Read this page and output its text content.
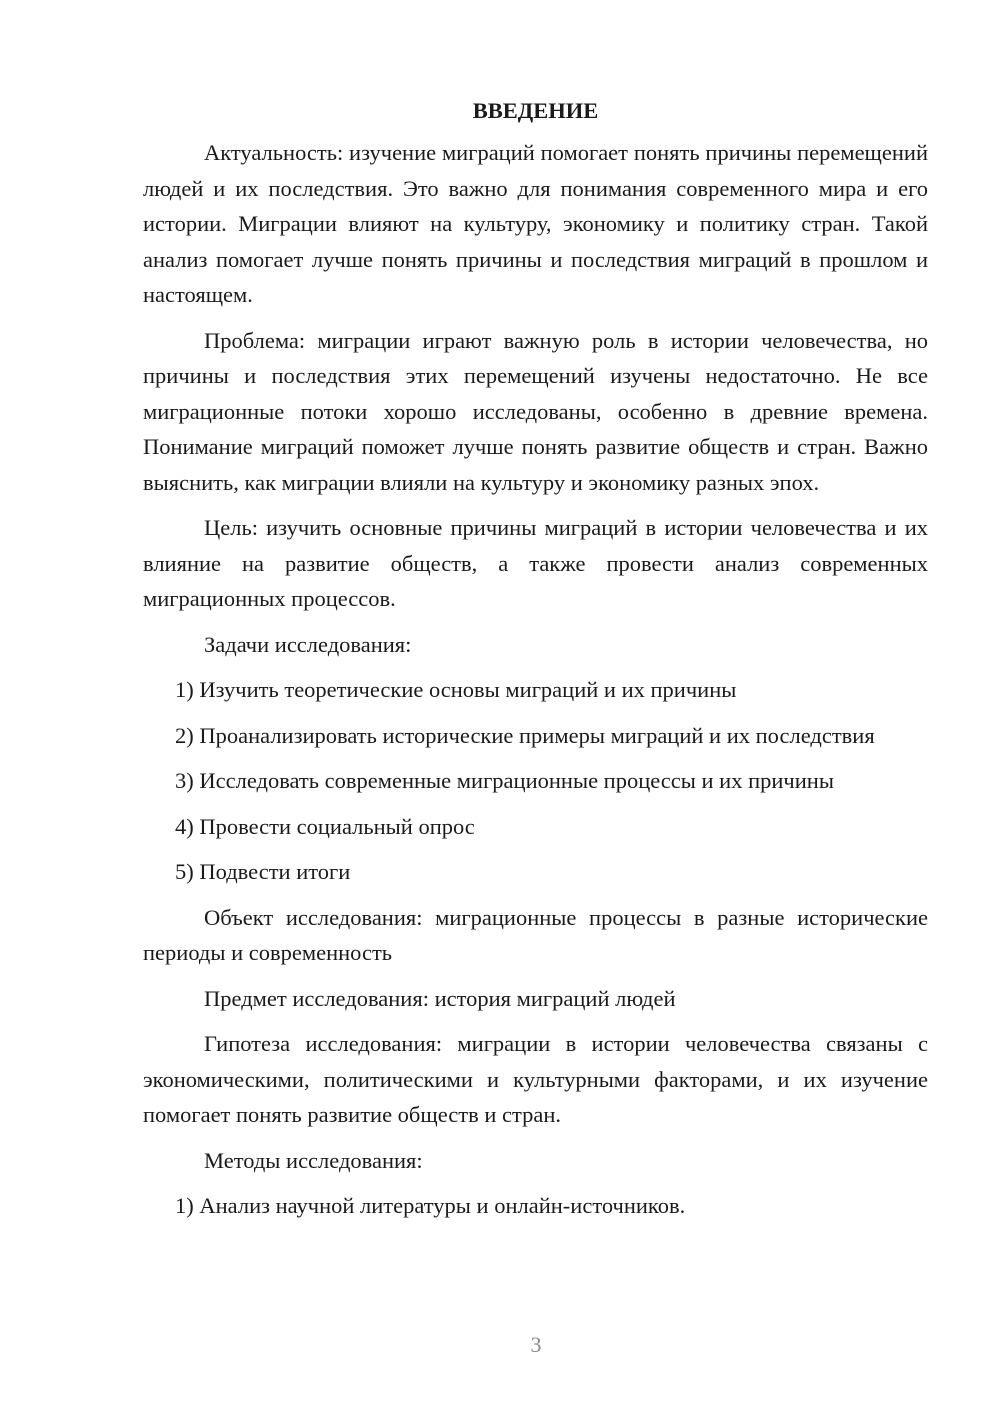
ВВЕДЕНИЕ

Актуальность: изучение миграций помогает понять причины перемещений людей и их последствия. Это важно для понимания современного мира и его истории. Миграции влияют на культуру, экономику и политику стран. Такой анализ помогает лучше понять причины и последствия миграций в прошлом и настоящем.

Проблема: миграции играют важную роль в истории человечества, но причины и последствия этих перемещений изучены недостаточно. Не все миграционные потоки хорошо исследованы, особенно в древние времена. Понимание миграций поможет лучше понять развитие обществ и стран. Важно выяснить, как миграции влияли на культуру и экономику разных эпох.

Цель: изучить основные причины миграций в истории человечества и их влияние на развитие обществ, а также провести анализ современных миграционных процессов.

Задачи исследования:

1) Изучить теоретические основы миграций и их причины

2) Проанализировать исторические примеры миграций и их последствия

3) Исследовать современные миграционные процессы и их причины

4) Провести социальный опрос

5) Подвести итоги

Объект исследования: миграционные процессы в разные исторические периоды и современность

Предмет исследования: история миграций людей

Гипотеза исследования: миграции в истории человечества связаны с экономическими, политическими и культурными факторами, и их изучение помогает понять развитие обществ и стран.

Методы исследования:

1) Анализ научной литературы и онлайн-источников.

3
